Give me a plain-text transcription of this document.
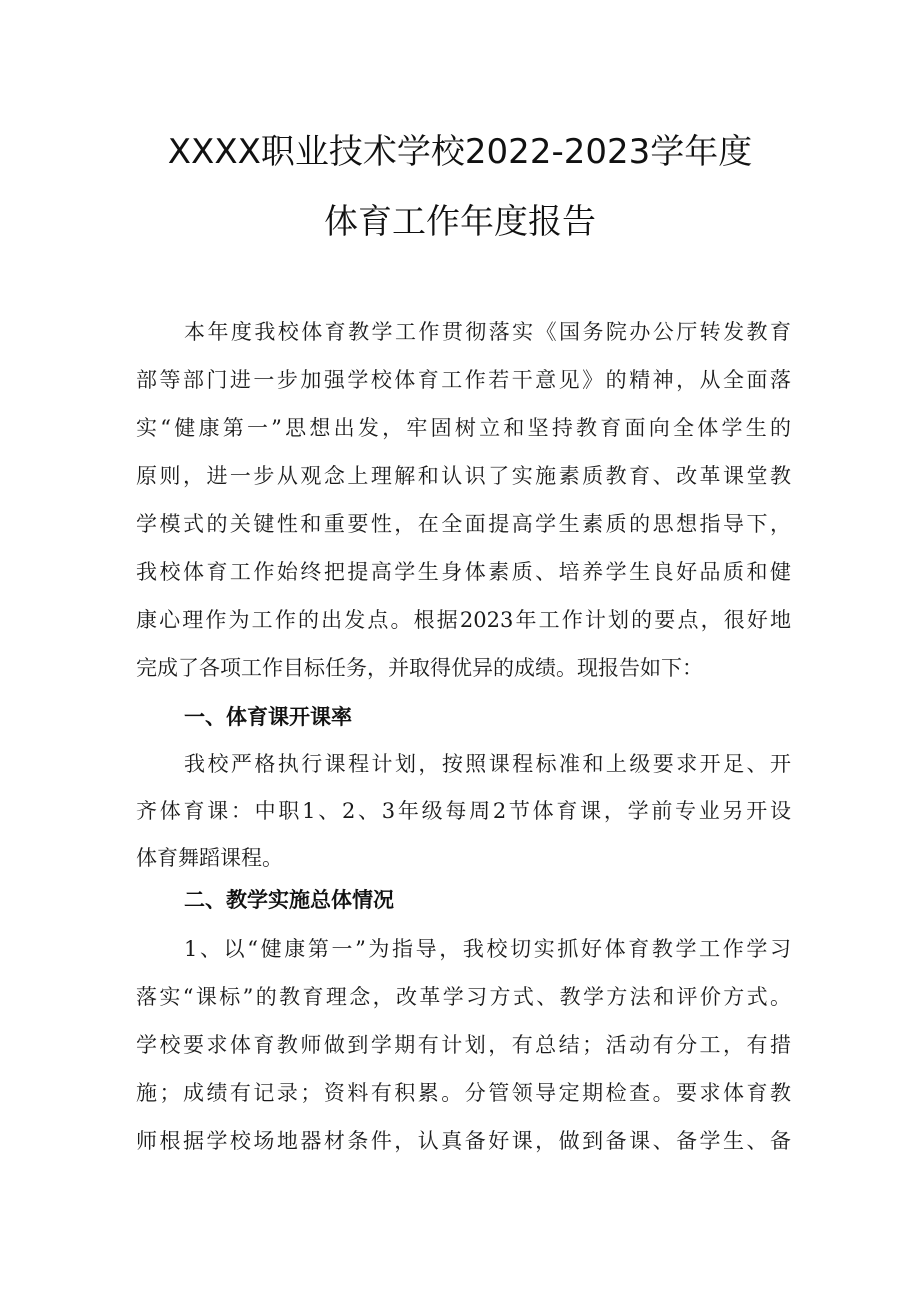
XXXX职业技术学校2022-2023学年度
体育工作年度报告
本年度我校体育教学工作贯彻落实《国务院办公厅转发教育
部等部门进一步加强学校体育工作若干意见》的精神，从全面落
实“健康第一”思想出发，牢固树立和坚持教育面向全体学生的
原则，进一步从观念上理解和认识了实施素质教育、改革课堂教
学模式的关键性和重要性，在全面提高学生素质的思想指导下，
我校体育工作始终把提高学生身体素质、培养学生良好品质和健
康心理作为工作的出发点。根据2023年工作计划的要点，很好地
完成了各项工作目标任务，并取得优异的成绩。现报告如下：
一、体育课开课率
我校严格执行课程计划，按照课程标准和上级要求开足、开
齐体育课：中职1、2、3年级每周2节体育课，学前专业另开设
体育舞蹈课程。
二、教学实施总体情况
1、以“健康第一”为指导，我校切实抓好体育教学工作学习
落实“课标”的教育理念，改革学习方式、教学方法和评价方式。
学校要求体育教师做到学期有计划，有总结；活动有分工，有措
施；成绩有记录；资料有积累。分管领导定期检查。要求体育教
师根据学校场地器材条件，认真备好课，做到备课、备学生、备
